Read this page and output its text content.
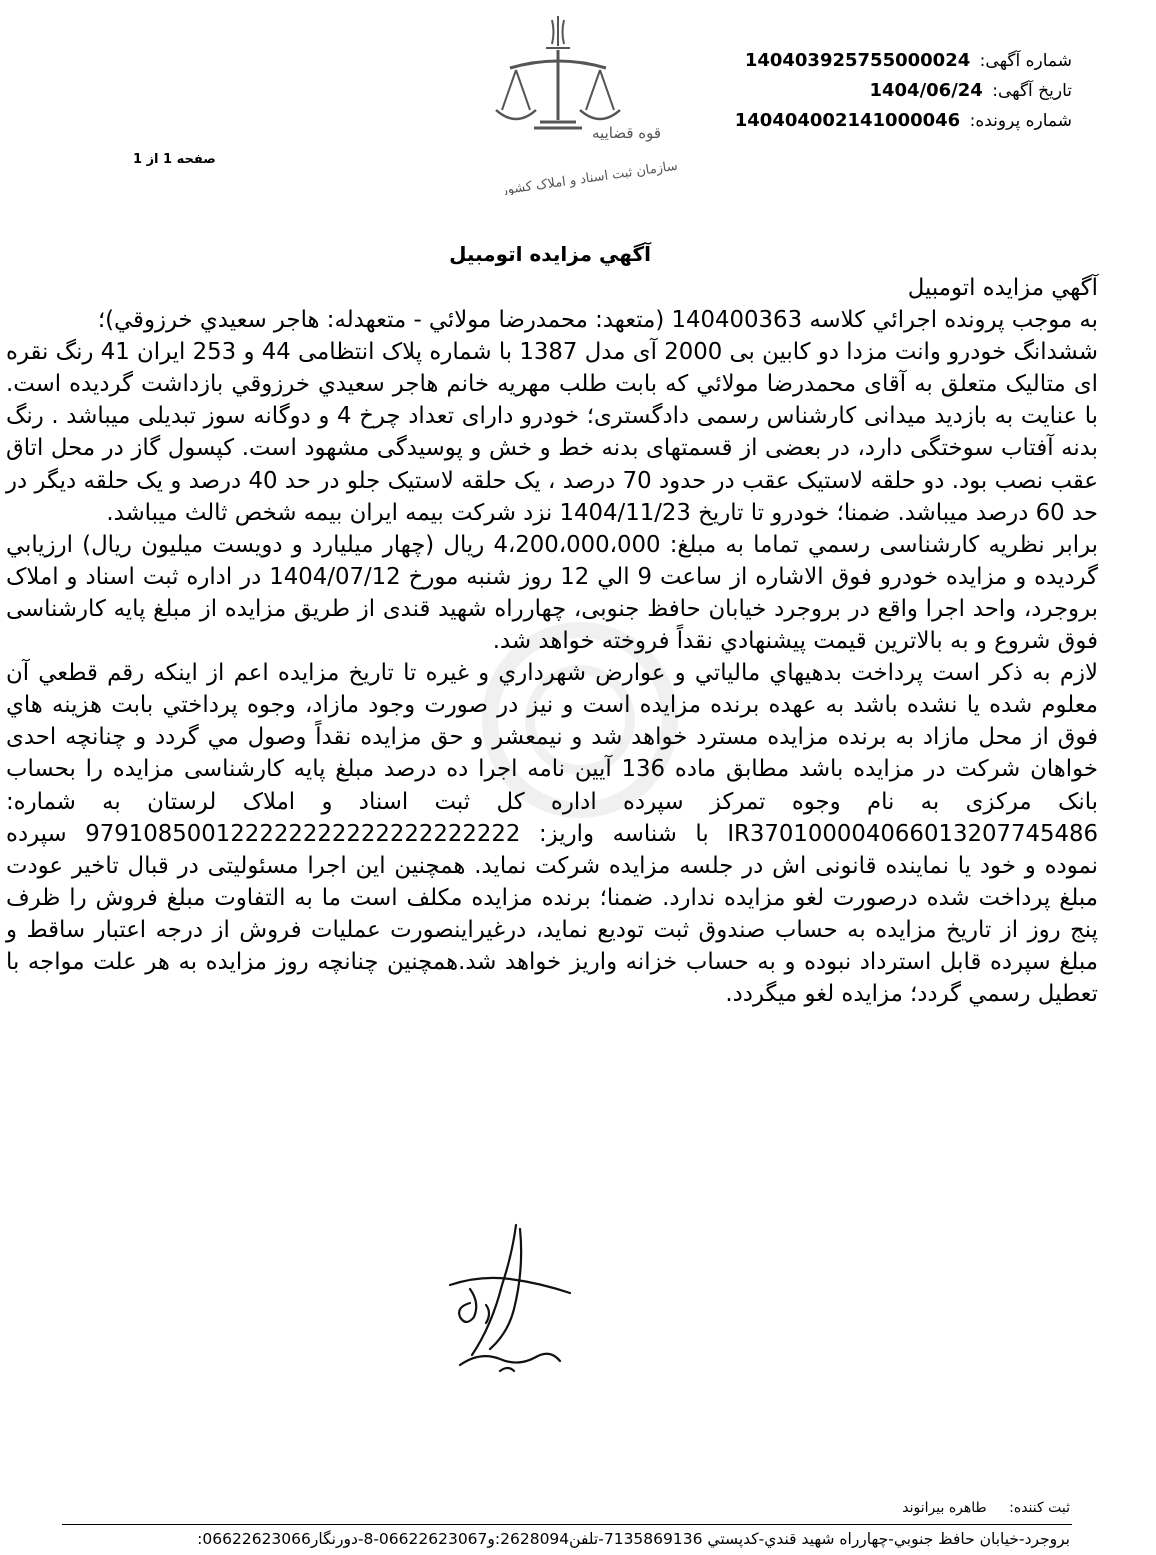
شماره آگهی: 140403925755000024
تاریخ آگهی: 1404/06/24
شماره پرونده: 140404002141000046
قوه قضاییه
سازمان ثبت اسناد و املاک کشور
صفحه 1 از 1
آگهي مزايده اتومبيل

آگهي مزايده اتومبيل

به موجب پرونده اجرائي كلاسه 140400363 (متعهد: محمدرضا مولائي - متعهدله: هاجر سعيدي خرزوقي)؛

ششدانگ خودرو وانت مزدا دو کابین بی 2000 آی مدل 1387 با شماره پلاک انتظامی 44 و 253 ایران 41 رنگ نقره ای متالیک متعلق به آقای محمدرضا مولائي که بابت طلب مهریه خانم هاجر سعيدي خرزوقي بازداشت گردیده است. با عنایت به بازدید میدانی کارشناس رسمی دادگستری؛ خودرو دارای تعداد چرخ 4 و دوگانه سوز تبدیلی میباشد . رنگ بدنه آفتاب سوختگی دارد، در بعضی از قسمتهای بدنه خط و خش و پوسیدگی مشهود است. کپسول گاز در محل اتاق عقب نصب بود. دو حلقه لاستیک عقب در حدود 70 درصد ، یک حلقه لاستیک جلو در حد 40 درصد و یک حلقه دیگر در حد 60 درصد میباشد. ضمنا؛ خودرو تا تاریخ 1404/11/23 نزد شرکت بیمه ایران بیمه شخص ثالث میباشد.

برابر نظريه كارشناسی رسمي تماما به مبلغ: 4،200،000،000 ريال (چهار ميليارد و دويست ميليون ريال) ارزيابي گرديده و مزايده خودرو فوق الاشاره از ساعت 9 الي 12 روز شنبه مورخ 1404/07/12 در اداره ثبت اسناد و املاک بروجرد، واحد اجرا واقع در بروجرد خیابان حافظ جنوبی، چهارراه شهید قندی از طريق مزايده از مبلغ پايه كارشناسی فوق شروع و به بالاترين قيمت پيشنهادي نقداً فروخته خواهد شد.

لازم به ذكر است پرداخت بدهيهاي مالياتي و عوارض شهرداري و غيره تا تاريخ مزايده اعم از اينكه رقم قطعي آن معلوم شده يا نشده باشد به عهده برنده مزايده است و نيز در صورت وجود مازاد، وجوه پرداختي بابت هزينه هاي فوق از محل مازاد به برنده مزايده مسترد خواهد شد و نيمعشر و حق مزايده نقداً وصول مي گردد و چنانچه احدی خواهان شرکت در مزایده باشد مطابق ماده 136 آیین نامه اجرا ده درصد مبلغ پایه کارشناسی مزایده را بحساب بانک مرکزی به نام وجوه تمرکز سپرده اداره کل ثبت اسناد و املاک لرستان به شماره: IR370100004066013207745486 با شناسه واریز: 979108500122222222222222222222 سپرده نموده و خود یا نماینده قانونی اش در جلسه مزایده شرکت نماید. همچنین این اجرا مسئولیتی در قبال تاخیر عودت مبلغ پرداخت شده درصورت لغو مزایده ندارد. ضمنا؛ برنده مزایده مکلف است ما به التفاوت مبلغ فروش را ظرف پنج روز از تاریخ مزایده به حساب صندوق ثبت تودیع نماید، درغیراینصورت عملیات فروش از درجه اعتبار ساقط و مبلغ سپرده قابل استرداد نبوده و به حساب خزانه واریز خواهد شد.همچنین چنانچه روز مزایده به هر علت مواجه با تعطیل رسمي گردد؛ مزایده لغو میگردد.

مسعود مستعد
ثبت کننده: طاهره بیرانوند
بروجرد-خیابان حافظ جنوبي-چهارراه شهيد قندي-كدپستي 7135869136-تلفن2628094:و06622623067-8-دورنگار06622623066:
